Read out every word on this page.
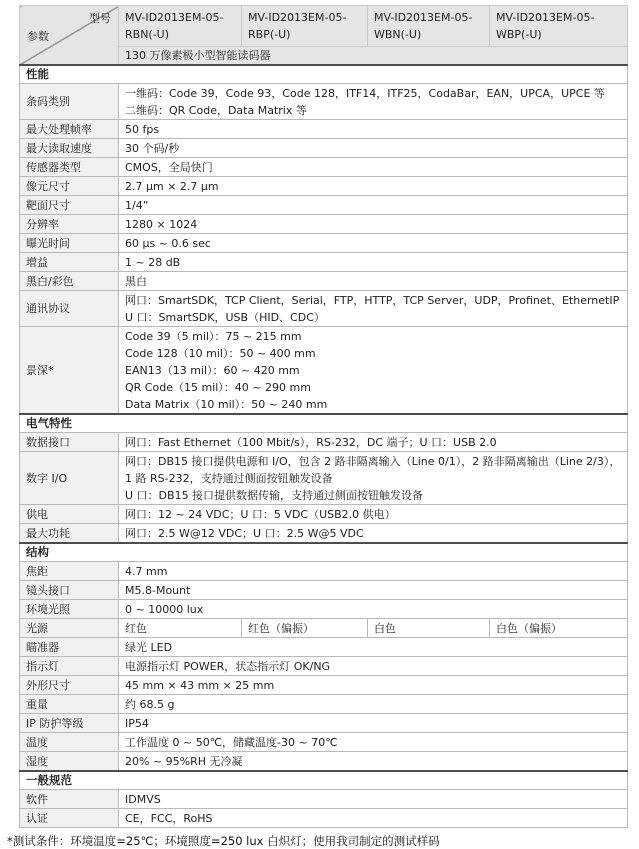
型号
参数	MV-ID2013EM-05-RBN(-U)	MV-ID2013EM-05-RBP(-U)	MV-ID2013EM-05-WBN(-U)	MV-ID2013EM-05-WBP(-U)
	130 万像素极小型智能读码器			
性能				
条码类别	一维码：Code 39，Code 93，Code 128，ITF14，ITF25，CodaBar，EAN，UPCA，UPCE 等
二维码：QR Code，Data Matrix 等			

最大处理帧率	50 fps			

最大读取速度	30 个码/秒			

传感器类型	CMOS，全局快门			

像元尺寸	2.7 μm × 2.7 μm			

靶面尺寸	1/4”			

分辨率	1280 × 1024			

曝光时间	60 μs ~ 0.6 sec			

增益	1 ~ 28 dB			

黑白/彩色	黑白			

通讯协议	网口：SmartSDK，TCP Client，Serial，FTP，HTTP，TCP Server，UDP，Profinet、EthernetIP
U 口：SmartSDK，USB（HID、CDC）			

景深*	Code 39（5 mil）：75 ~ 215 mm
Code 128（10 mil）：50 ~ 400 mm
EAN13（13 mil）：60 ~ 420 mm
QR Code（15 mil）：40 ~ 290 mm
Data Matrix（10 mil）：50 ~ 240 mm			

电气特性				
数据接口	网口：Fast Ethernet（100 Mbit/s），RS-232，DC 端子；U 口：USB 2.0			

数字 I/O	网口：DB15 接口提供电源和 I/O，包含 2 路非隔离输入（Line 0/1），2 路非隔离输出（Line 2/3），1 路 RS-232，支持通过侧面按钮触发设备
U 口：DB15 接口提供数据传输，支持通过侧面按钮触发设备			

供电	网口：12 ~ 24 VDC；U 口：5 VDC（USB2.0 供电）			

最大功耗	网口：2.5 W@12 VDC；U 口：2.5 W@5 VDC			

结构				
焦距	4.7 mm			

镜头接口	M5.8-Mount			

环境光照	0 ~ 10000 lux			

光源	红色	红色（偏振）	白色	白色（偏振）
瞄准器	绿光 LED			

指示灯	电源指示灯 POWER，状态指示灯 OK/NG			

外形尺寸	45 mm × 43 mm × 25 mm			

重量	约 68.5 g			

IP 防护等级	IP54			

温度	工作温度 0 ~ 50℃，储藏温度-30 ~ 70℃			

湿度	20% ~ 95%RH 无冷凝			

一般规范				
软件	IDMVS			

认证	CE，FCC，RoHS			
*测试条件：环境温度=25℃；环境照度=250 lux 白炽灯；使用我司制定的测试样码
